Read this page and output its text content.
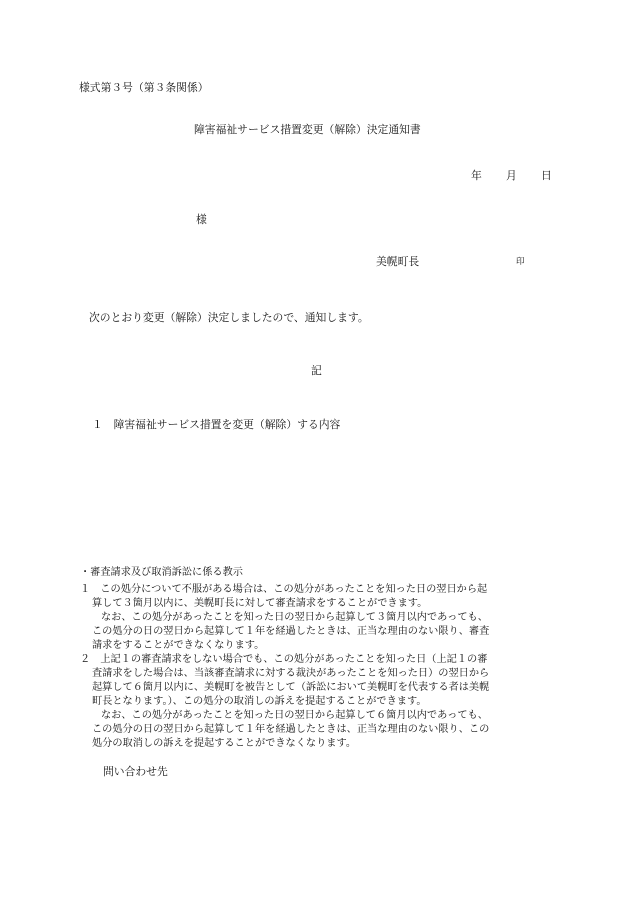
様式第３号（第３条関係）
障害福祉サービス措置変更（解除）決定通知書
年 月 日
様
美幌町長	印
次のとおり変更（解除）決定しましたので、通知します。
記
１　障害福祉サービス措置を変更（解除）する内容
・審査請求及び取消訴訟に係る教示
１　この処分について不服がある場合は、この処分があったことを知った日の翌日から起
算して３箇月以内に、美幌町長に対して審査請求をすることができます。
なお、この処分があったことを知った日の翌日から起算して３箇月以内であっても、
この処分の日の翌日から起算して１年を経過したときは、正当な理由のない限り、審査
請求をすることができなくなります。
２　上記１の審査請求をしない場合でも、この処分があったことを知った日（上記１の審
査請求をした場合は、当該審査請求に対する裁決があったことを知った日）の翌日から
起算して６箇月以内に、美幌町を被告として（訴訟において美幌町を代表する者は美幌
町長となります。）、この処分の取消しの訴えを提起することができます。
なお、この処分があったことを知った日の翌日から起算して６箇月以内であっても、
この処分の日の翌日から起算して１年を経過したときは、正当な理由のない限り、この
処分の取消しの訴えを提起することができなくなります。
問い合わせ先
